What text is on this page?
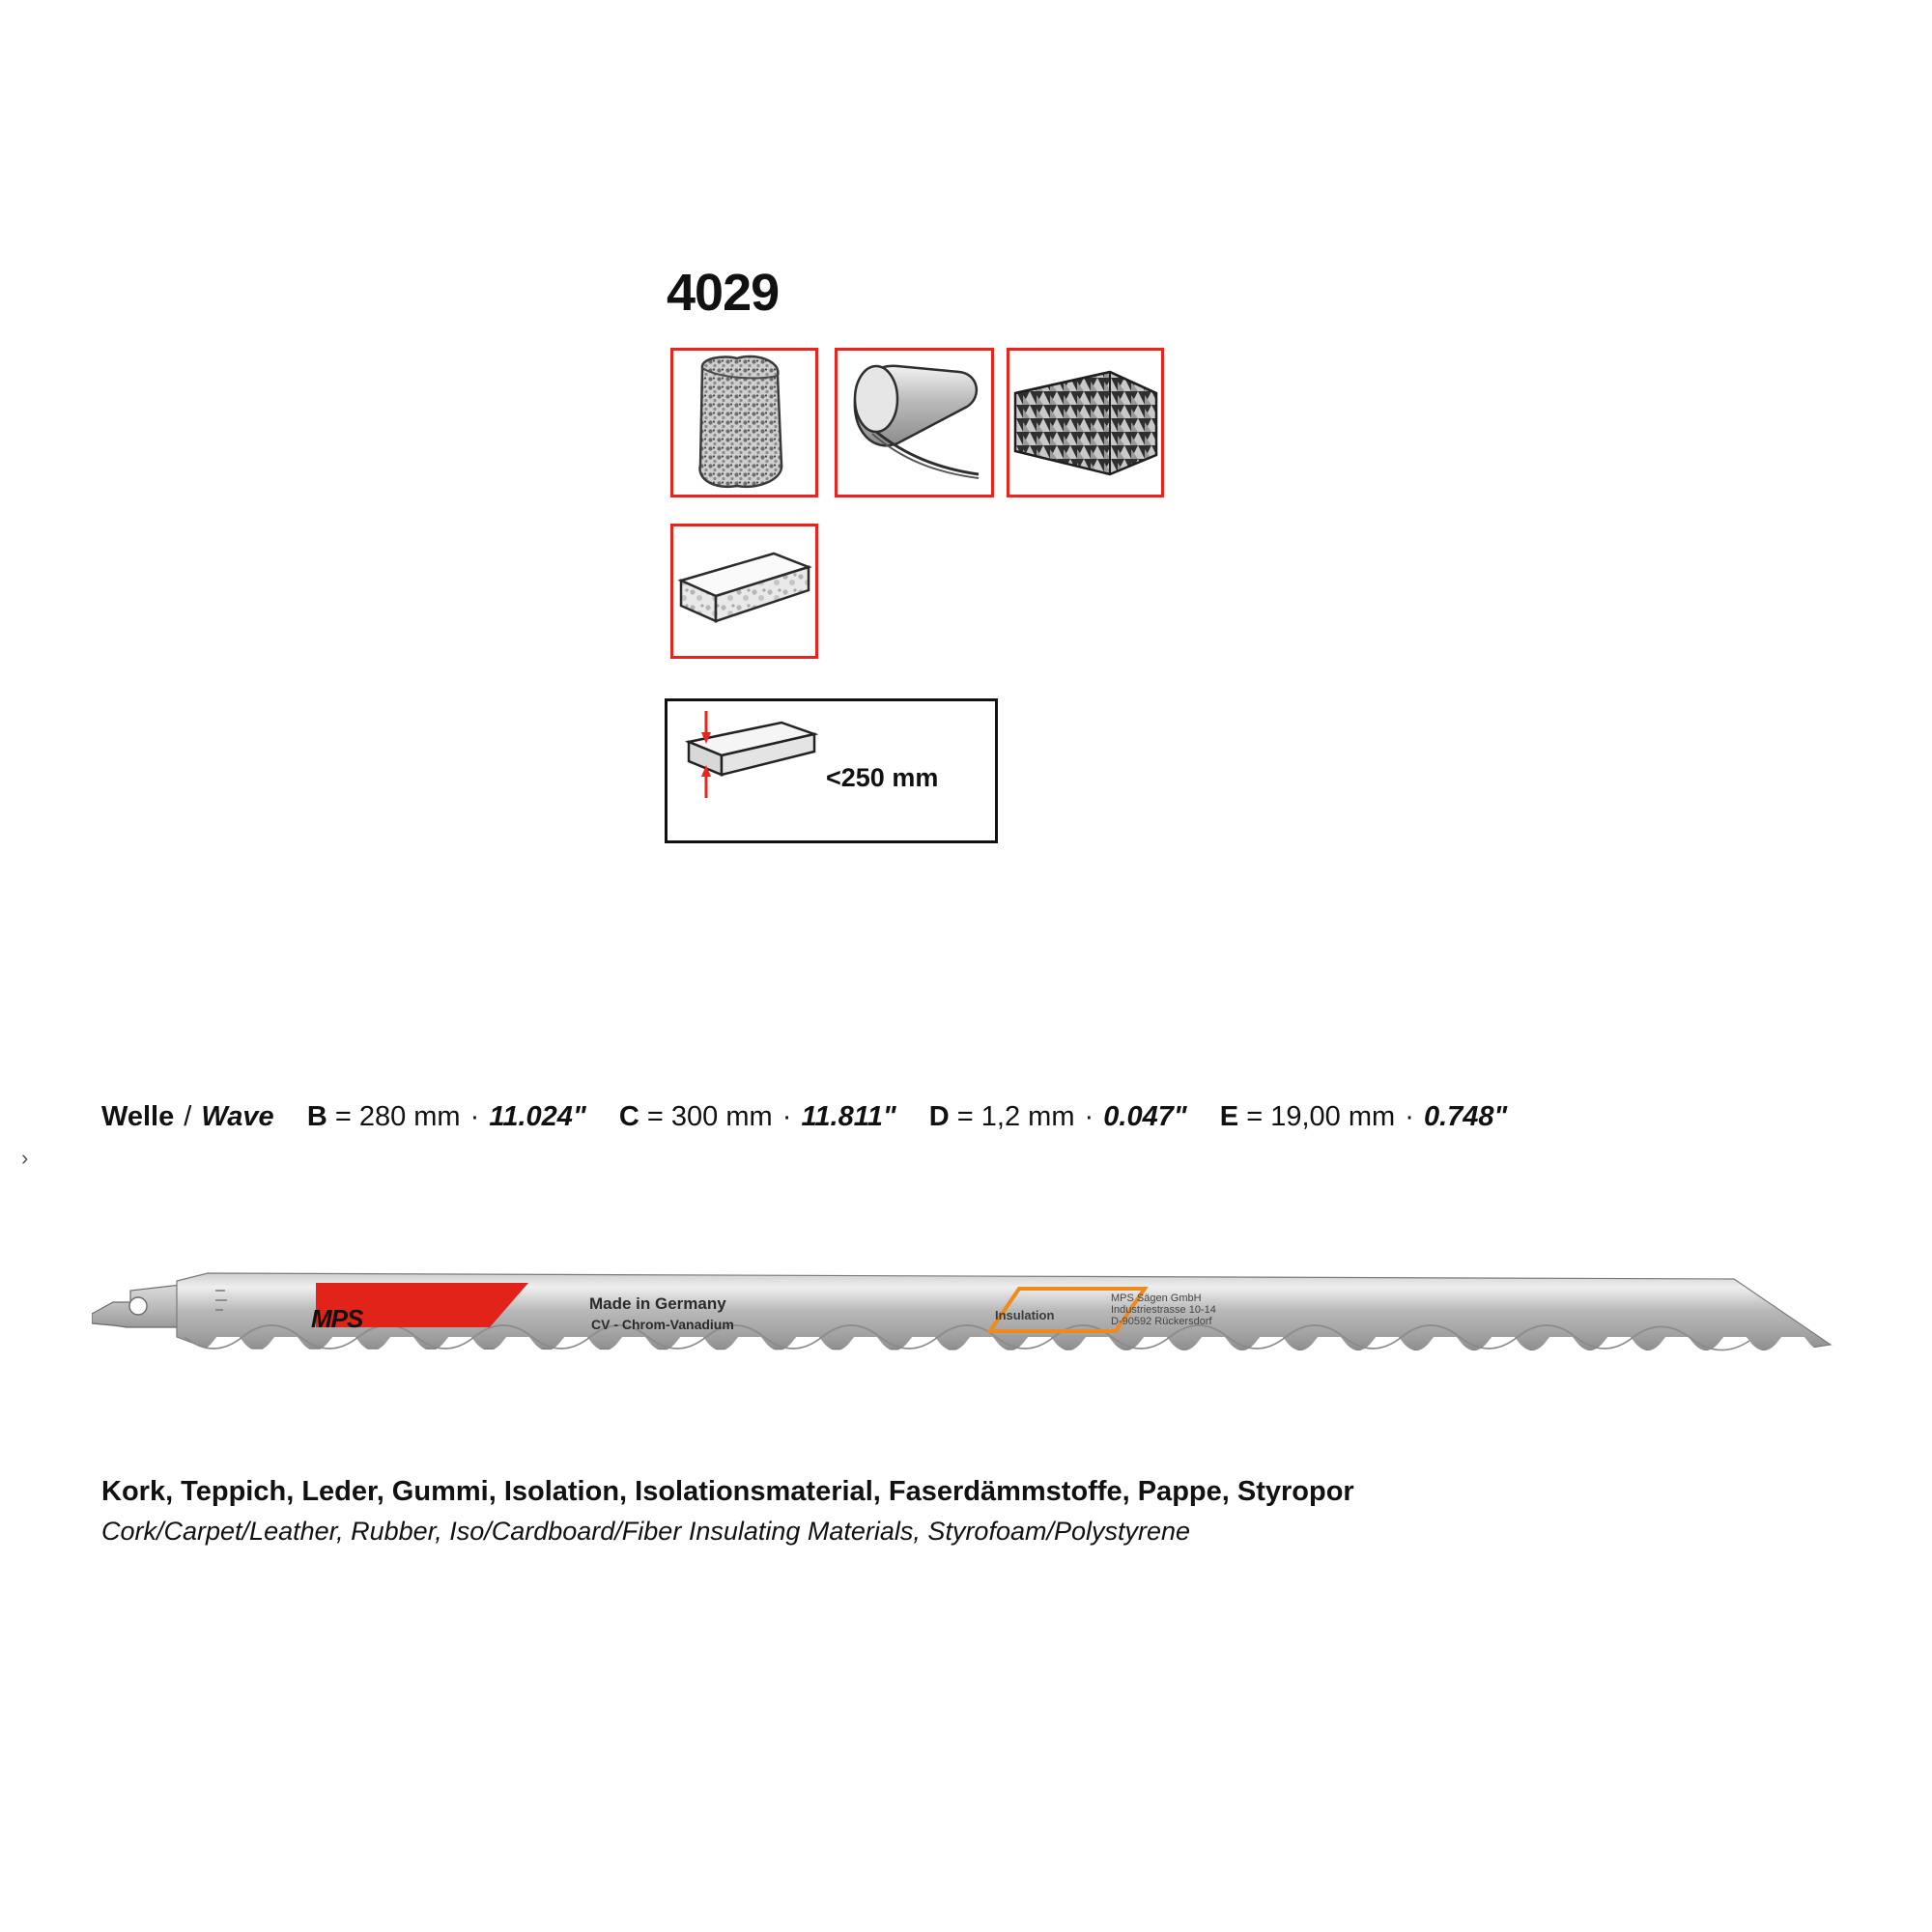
4029
<250 mm
›
Welle / Wave B = 280 mm · 11.024" C = 300 mm · 11.811" D = 1,2 mm · 0.047" E = 19,00 mm · 0.748"
MPS
Made in Germany
CV - Chrom-Vanadium
Insulation
MPS Sägen GmbH
Industriestrasse 10-14
D-90592 Rückersdorf
Kork, Teppich, Leder, Gummi, Isolation, Isolationsmaterial, Faserdämmstoffe, Pappe, Styropor
Cork/Carpet/Leather, Rubber, Iso/Cardboard/Fiber Insulating Materials, Styrofoam/Polystyrene
